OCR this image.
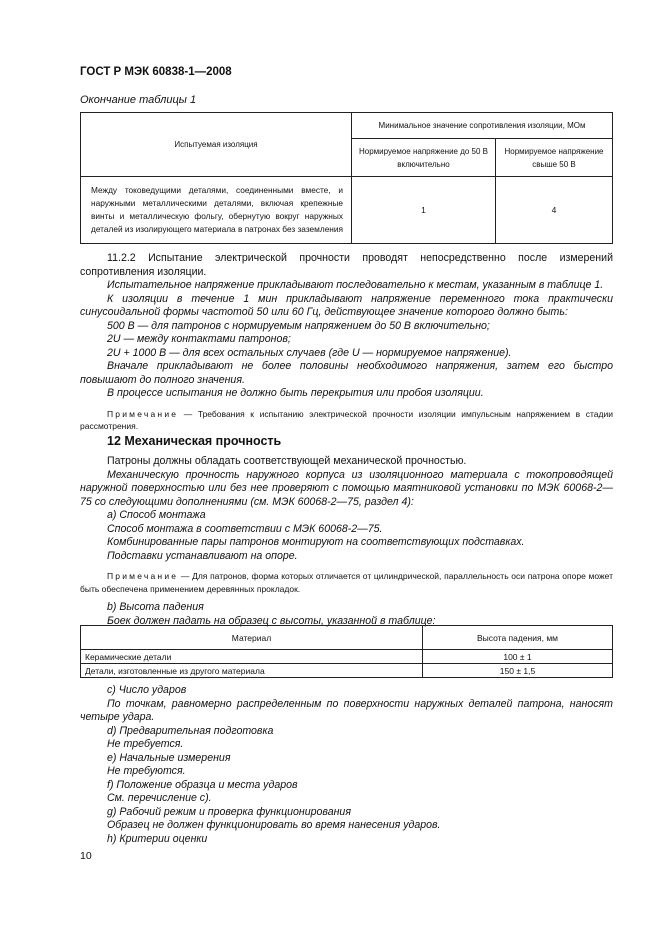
ГОСТ Р МЭК 60838-1—2008
Окончание таблицы 1
Испытуемая изоляция	Минимальное значение сопротивления изоляции, МОм	
	Нормируемое напряжение до 50 В включительно	Нормируемое напряжение свыше 50 В
Между токоведущими деталями, соединенными вместе, и наружными металлическими деталями, включая крепежные винты и металлическую фольгу, обернутую вокруг наружных деталей из изолирующего материала в патронах без заземления	1	4

11.2.2 Испытание электрической прочности проводят непосредственно после измерений сопротивления изоляции.

Испытательное напряжение прикладывают последовательно к местам, указанным в таблице 1.

К изоляции в течение 1 мин прикладывают напряжение переменного тока практически синусоидальной формы частотой 50 или 60 Гц, действующее значение которого должно быть:

500 В — для патронов с нормируемым напряжением до 50 В включительно;

2U — между контактами патронов;

2U + 1000 В — для всех остальных случаев (где U — нормируемое напряжение).

Вначале прикладывают не более половины необходимого напряжения, затем его быстро повышают до полного значения.

В процессе испытания не должно быть перекрытия или пробоя изоляции.

Примечание — Требования к испытанию электрической прочности изоляции импульсным напряжением в стадии рассмотрения.

12 Механическая прочность

Патроны должны обладать соответствующей механической прочностью.

Механическую прочность наружного корпуса из изоляционного материала с токопроводящей наружной поверхностью или без нее проверяют с помощью маятниковой установки по МЭК 60068-2—75 со следующими дополнениями (см. МЭК 60068-2—75, раздел 4):

а) Способ монтажа

Способ монтажа в соответствии с МЭК 60068-2—75.

Комбинированные пары патронов монтируют на соответствующих подставках.

Подставки устанавливают на опоре.

Примечание — Для патронов, форма которых отличается от цилиндрической, параллельность оси патрона опоре может быть обеспечена применением деревянных прокладок.

b) Высота падения

Боек должен падать на образец с высоты, указанной в таблице:

Материал	Высота падения, мм
Керамические детали	100 ± 1
Детали, изготовленные из другого материала	150 ± 1,5

с) Число ударов

По точкам, равномерно распределенным по поверхности наружных деталей патрона, наносят четыре удара.

d) Предварительная подготовка

Не требуется.

е) Начальные измерения

Не требуются.

f) Положение образца и места ударов

См. перечисление с).

g) Рабочий режим и проверка функционирования

Образец не должен функционировать во время нанесения ударов.

h) Критерии оценки

10
